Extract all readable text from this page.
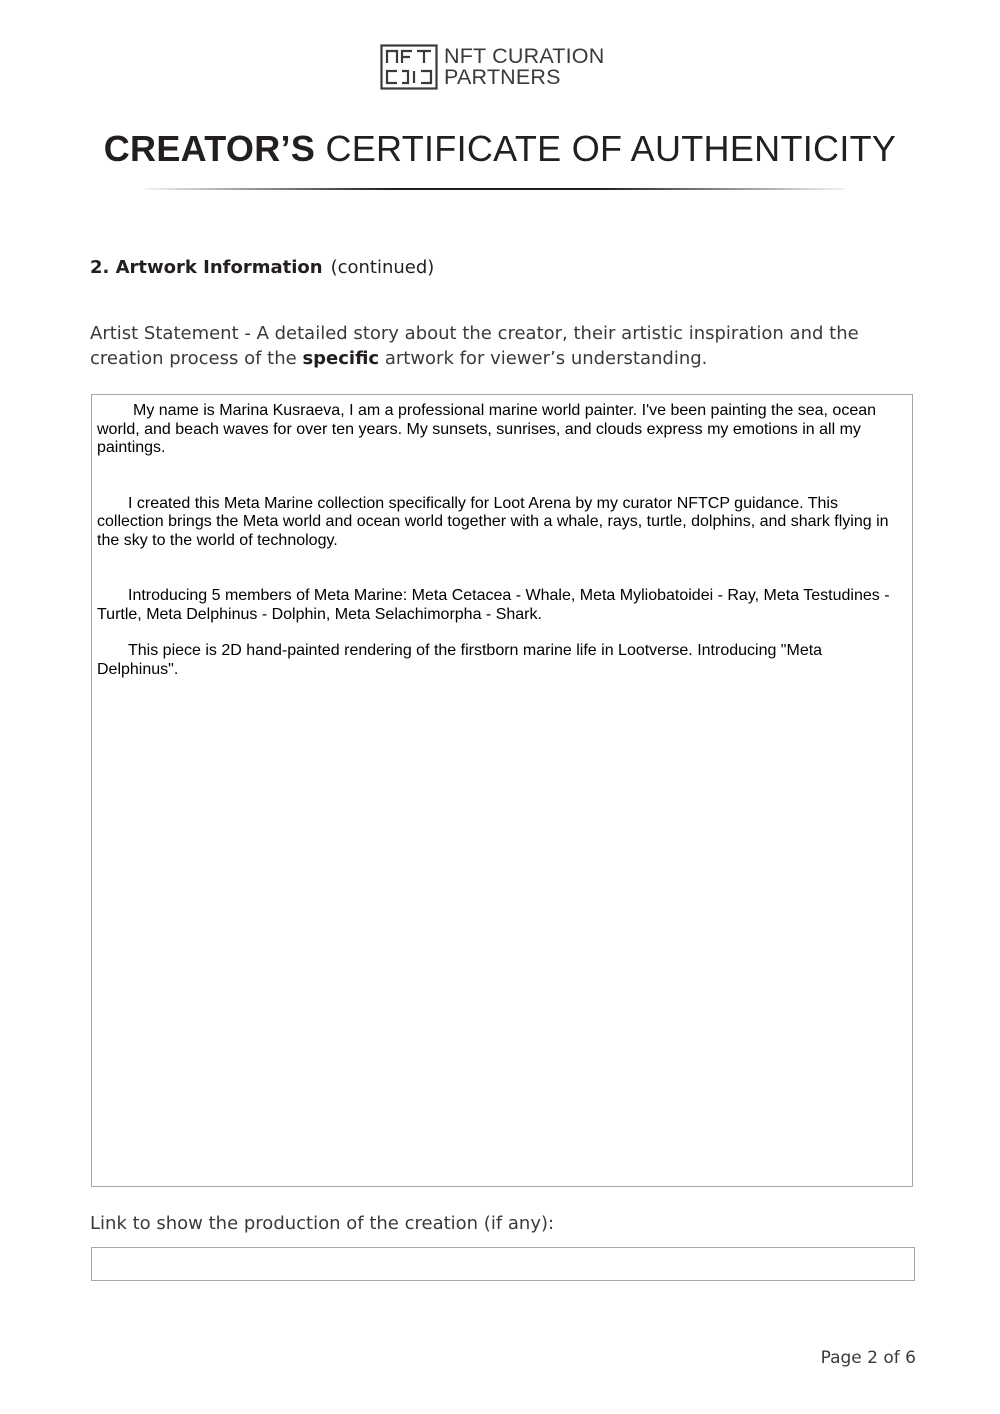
NFT CURATION
PARTNERS
CREATOR’S CERTIFICATE OF AUTHENTICITY
2. Artwork Information (continued)
Artist Statement - A detailed story about the creator, their artistic inspiration and the creation process of the specific artwork for viewer’s understanding.

My name is Marina Kusraeva, I am a professional marine world painter. I've been painting the sea, ocean world, and beach waves for over ten years. My sunsets, sunrises, and clouds express my emotions in all my paintings.

I created this Meta Marine collection specifically for Loot Arena by my curator NFTCP guidance. This collection brings the Meta world and ocean world together with a whale, rays, turtle, dolphins, and shark flying in the sky to the world of technology.

Introducing 5 members of Meta Marine: Meta Cetacea - Whale, Meta Myliobatoidei - Ray, Meta Testudines - Turtle, Meta Delphinus - Dolphin, Meta Selachimorpha - Shark.

This piece is 2D hand-painted rendering of the firstborn marine life in Lootverse. Introducing "Meta Delphinus".

Link to show the production of the creation (if any):
Page 2 of 6
